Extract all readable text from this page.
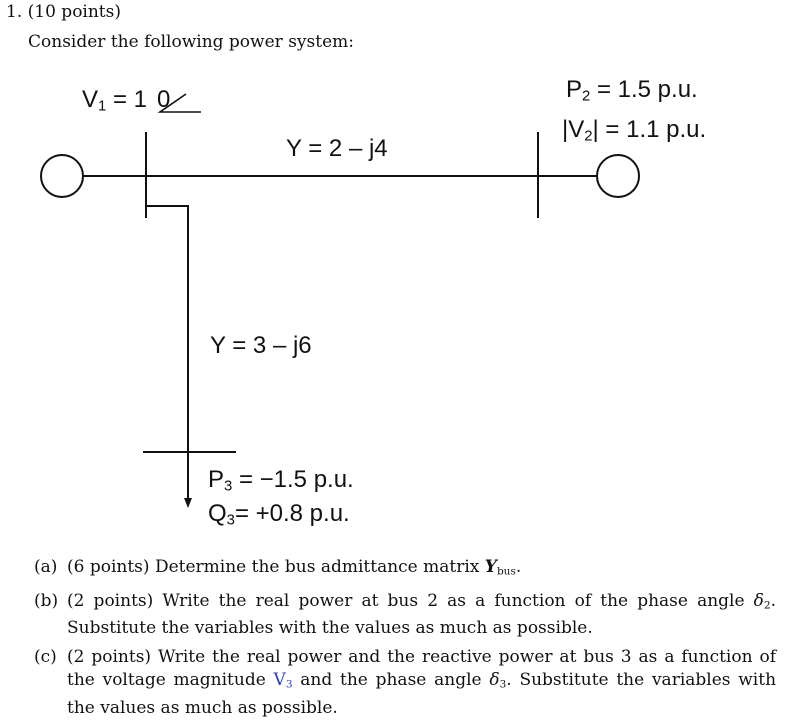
1. (10 points)
Consider the following power system:
$V_1 = 1$ 0
Y = 2 – j4
$P_2 = 1.5$ p.u.
$|V_2| = 1.1$ p.u.
Y = 3 – j6
$P_3 = -1.5$ p.u.
$Q_3= +0.8$ p.u.
(a) (6 points) Determine the bus admittance matrix $Y_{bus}$.
(b) (2 points) Write the real power at bus 2 as a function of the phase angle $\delta_2$. Substitute the variables with the values as much as possible.
(c) (2 points) Write the real power and the reactive power at bus 3 as a function of the voltage magnitude $V_3$ and the phase angle $\delta_3$. Substitute the variables with the values as much as possible.
